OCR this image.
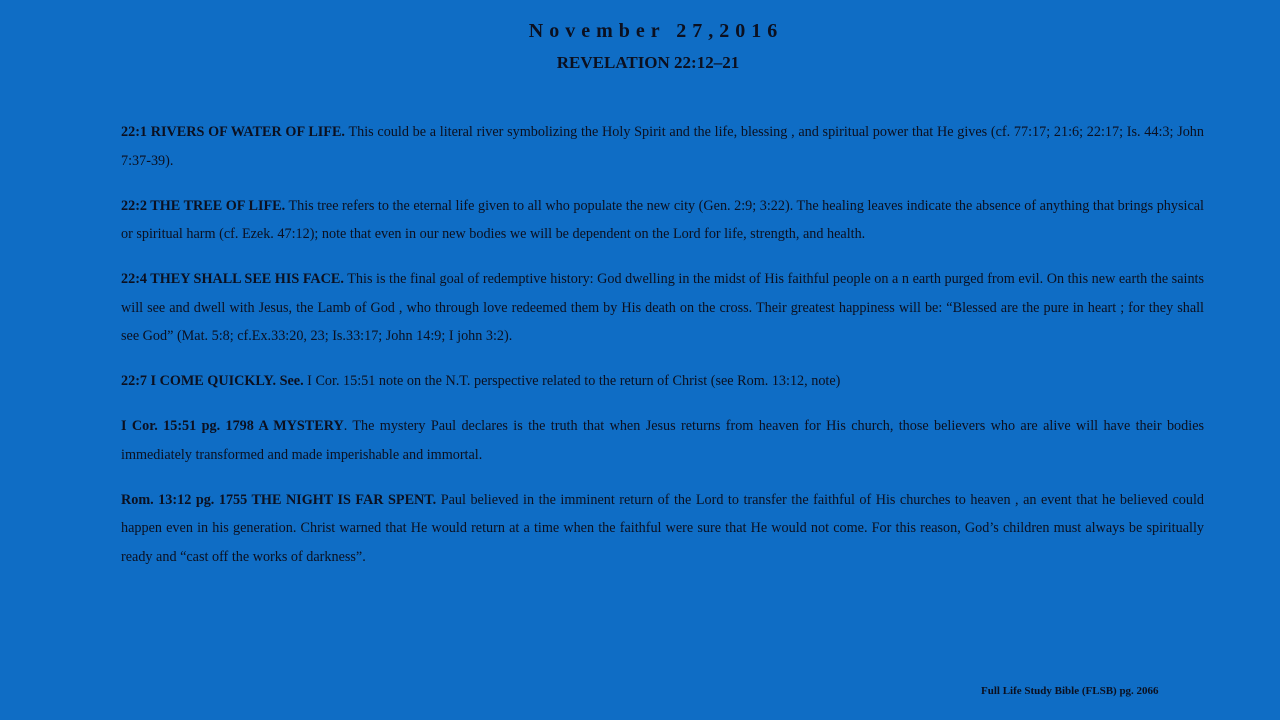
November 27,2016
REVELATION 22:12–21

22:1 RIVERS OF WATER OF LIFE. This could be a literal river symbolizing the Holy Spirit and the life, blessing , and spiritual power that He gives (cf. 77:17; 21:6; 22:17; Is. 44:3; John 7:37-39).

22:2 THE TREE OF LIFE. This tree refers to the eternal life given to all who populate the new city (Gen. 2:9; 3:22). The healing leaves indicate the absence of anything that brings physical or spiritual harm (cf. Ezek. 47:12); note that even in our new bodies we will be dependent on the Lord for life, strength, and health.

22:4 THEY SHALL SEE HIS FACE. This is the final goal of redemptive history: God dwelling in the midst of His faithful people on a n earth purged from evil. On this new earth the saints will see and dwell with Jesus, the Lamb of God , who through love redeemed them by His death on the cross. Their greatest happiness will be: “Blessed are the pure in heart ; for they shall see God” (Mat. 5:8; cf.Ex.33:20, 23; Is.33:17; John 14:9; I john 3:2).

22:7 I COME QUICKLY. See. I Cor. 15:51 note on the N.T. perspective related to the return of Christ (see Rom. 13:12, note)

I Cor. 15:51 pg. 1798 A MYSTERY. The mystery Paul declares is the truth that when Jesus returns from heaven for His church, those believers who are alive will have their bodies immediately transformed and made imperishable and immortal.

Rom. 13:12 pg. 1755 THE NIGHT IS FAR SPENT. Paul believed in the imminent return of the Lord to transfer the faithful of His churches to heaven , an event that he believed could happen even in his generation. Christ warned that He would return at a time when the faithful were sure that He would not come. For this reason, God’s children must always be spiritually ready and “cast off the works of darkness”.

Full Life Study Bible (FLSB) pg. 2066
